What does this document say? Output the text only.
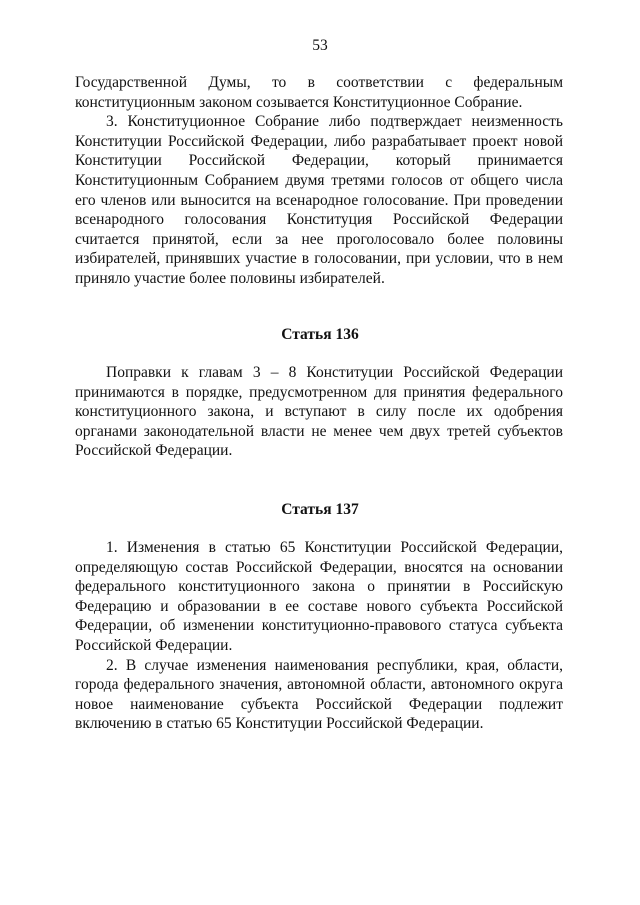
53

Государственной Думы, то в соответствии с федеральным конституционным законом созывается Конституционное Собрание.

3. Конституционное Собрание либо подтверждает неизменность Конституции Российской Федерации, либо разрабатывает проект новой Конституции Российской Федерации, который принимается Конституционным Собранием двумя третями голосов от общего числа его членов или выносится на всенародное голосование. При проведении всенародного голосования Конституция Российской Федерации считается принятой, если за нее проголосовало более половины избирателей, принявших участие в голосовании, при условии, что в нем приняло участие более половины избирателей.

Статья 136

Поправки к главам 3 – 8 Конституции Российской Федерации принимаются в порядке, предусмотренном для принятия федерального конституционного закона, и вступают в силу после их одобрения органами законодательной власти не менее чем двух третей субъектов Российской Федерации.

Статья 137

1. Изменения в статью 65 Конституции Российской Федерации, определяющую состав Российской Федерации, вносятся на основании федерального конституционного закона о принятии в Российскую Федерацию и образовании в ее составе нового субъекта Российской Федерации, об изменении конституционно-правового статуса субъекта Российской Федерации.

2. В случае изменения наименования республики, края, области, города федерального значения, автономной области, автономного округа новое наименование субъекта Российской Федерации подлежит включению в статью 65 Конституции Российской Федерации.
